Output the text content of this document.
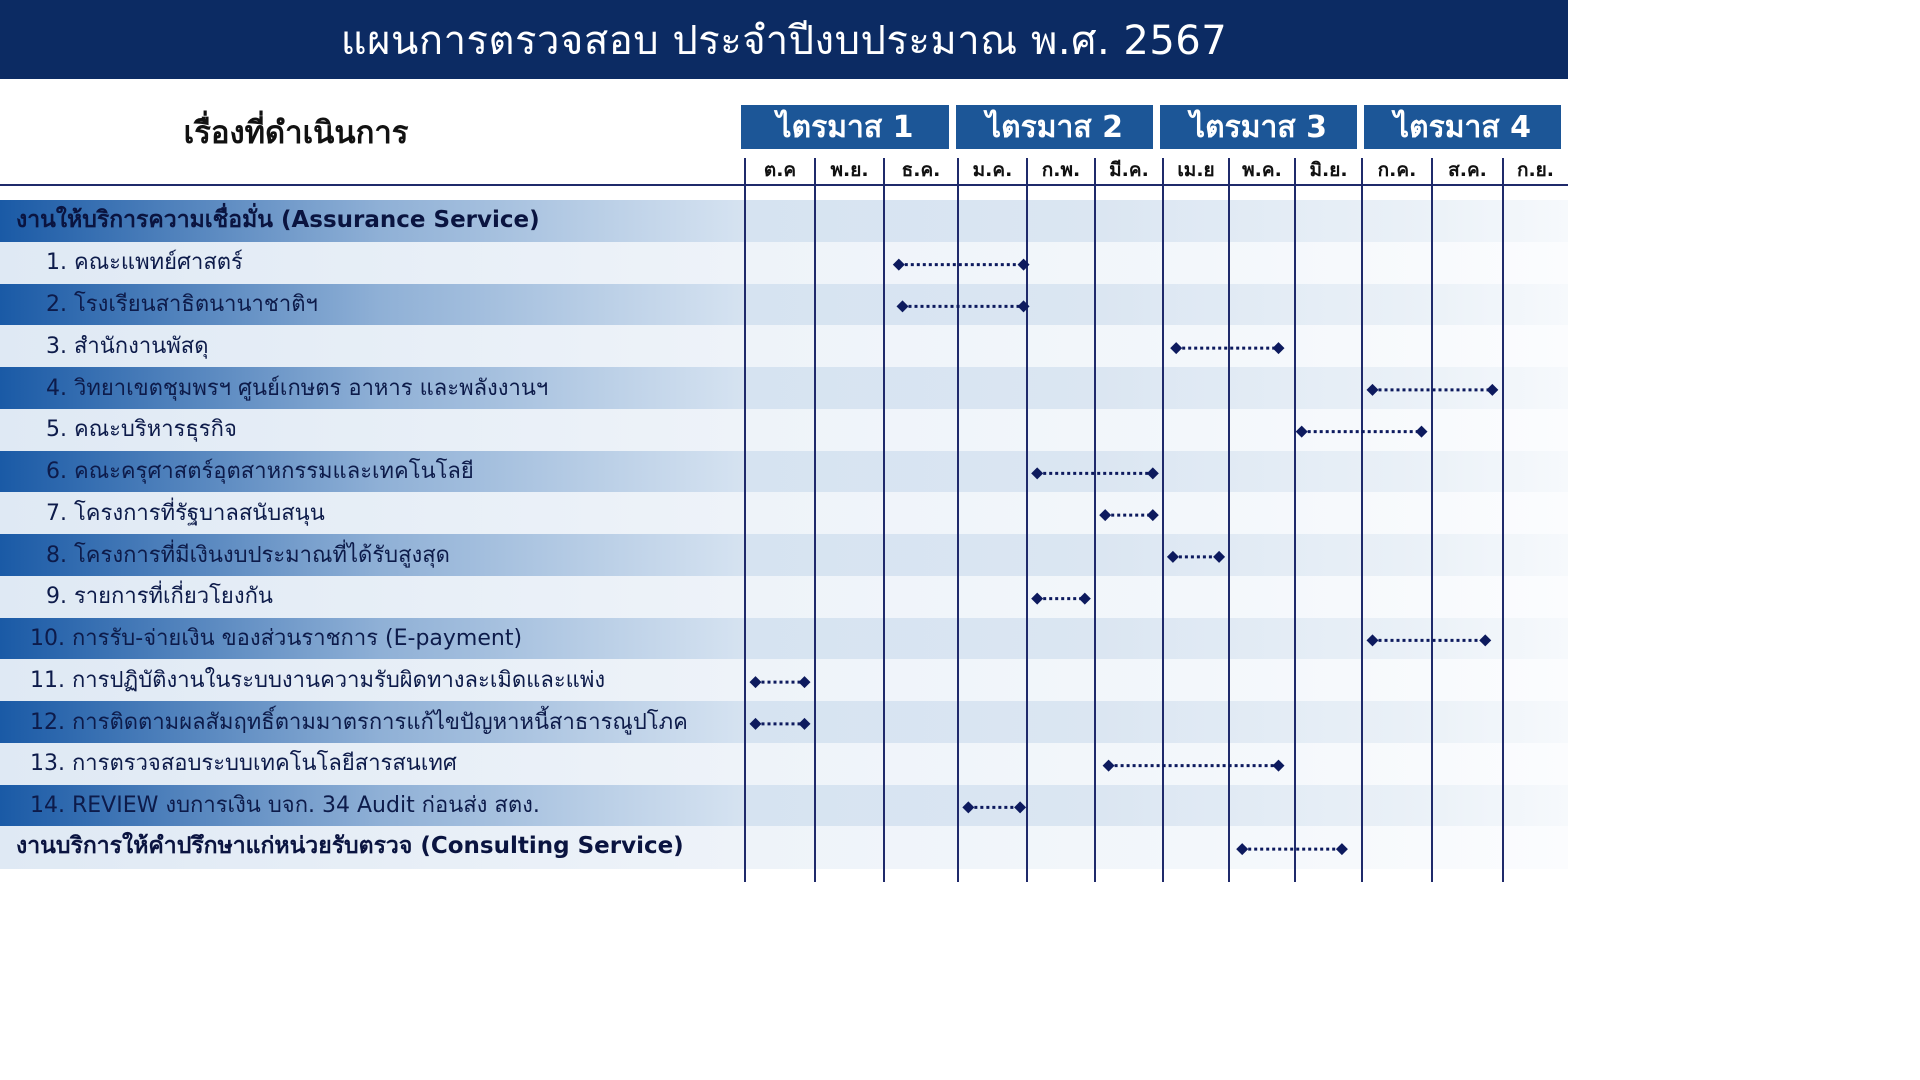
แผนการตรวจสอบ ประจำปีงบประมาณ พ.ศ. 2567
เรื่องที่ดำเนินการ	ไตรมาส 1	ไตรมาส 2	ไตรมาส 3	ไตรมาส 4
ต.ค	พ.ย.	ธ.ค.	ม.ค.	ก.พ.	มี.ค.	เม.ย	พ.ค.	มิ.ย.	ก.ค.	ส.ค.	ก.ย.
งานให้บริการความเชื่อมั่น (Assurance Service)
1. คณะแพทย์ศาสตร์
2. โรงเรียนสาธิตนานาชาติฯ
3. สำนักงานพัสดุ
4. วิทยาเขตชุมพรฯ ศูนย์เกษตร อาหาร และพลังงานฯ
5. คณะบริหารธุรกิจ
6. คณะครุศาสตร์อุตสาหกรรมและเทคโนโลยี
7. โครงการที่รัฐบาลสนับสนุน
8. โครงการที่มีเงินงบประมาณที่ได้รับสูงสุด
9. รายการที่เกี่ยวโยงกัน
10. การรับ-จ่ายเงิน ของส่วนราชการ (E-payment)
11. การปฏิบัติงานในระบบงานความรับผิดทางละเมิดและแพ่ง
12. การติดตามผลสัมฤทธิ์ตามมาตรการแก้ไขปัญหาหนี้สาธารณูปโภค
13. การตรวจสอบระบบเทคโนโลยีสารสนเทศ
14. REVIEW งบการเงิน บจก. 34 Audit ก่อนส่ง สตง.
งานบริการให้คำปรึกษาแก่หน่วยรับตรวจ (Consulting Service)
